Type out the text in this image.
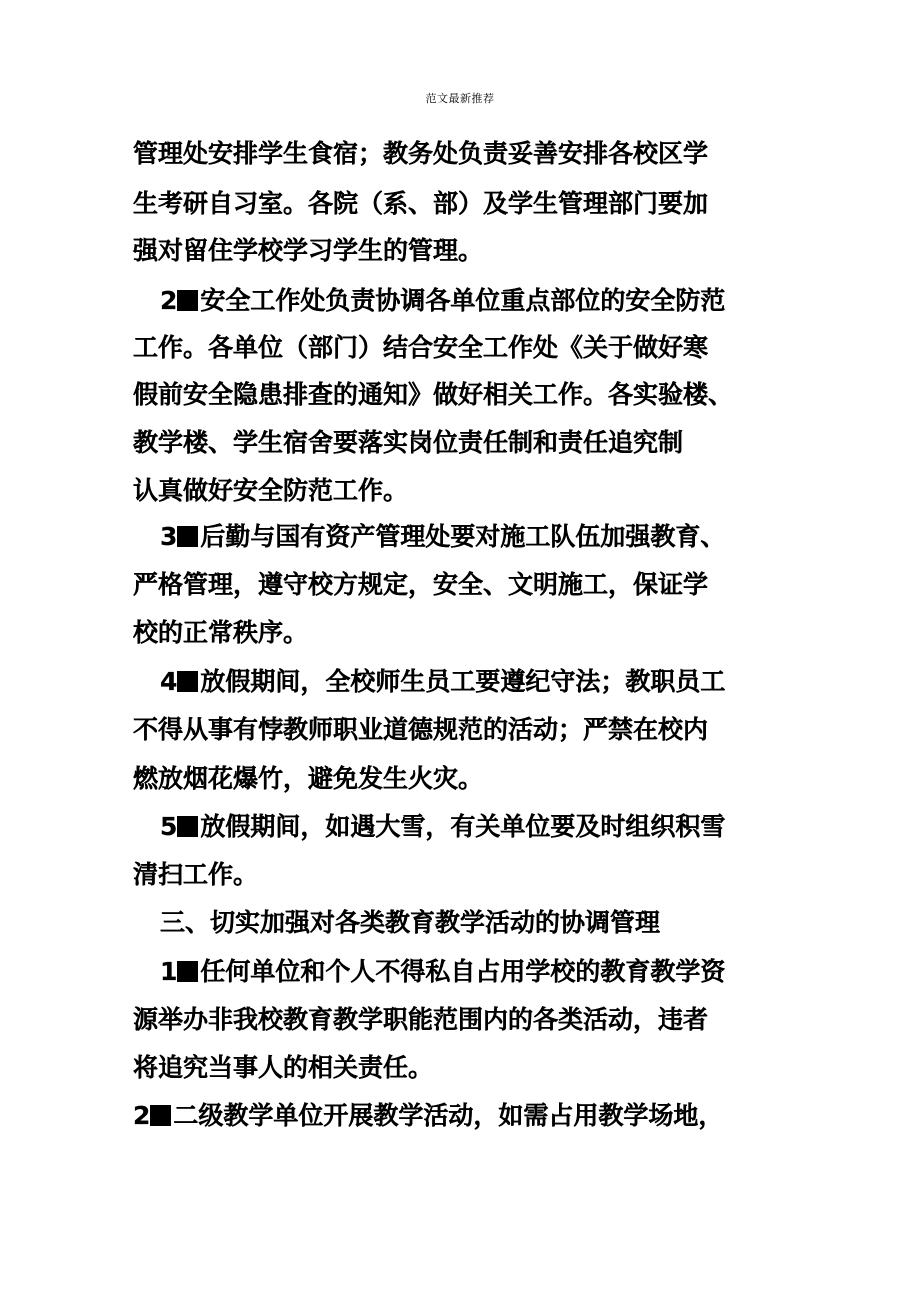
范文最新推荐
管理处安排学生食宿；教务处负责妥善安排各校区学
生考研自习室。各院（系、部）及学生管理部门要加
强对留住学校学习学生的管理。
2 安全工作处负责协调各单位重点部位的安全防范
工作。各单位（部门）结合安全工作处《关于做好寒
假前安全隐患排查的通知》做好相关工作。各实验楼、
教学楼、学生宿舍要落实岗位责任制和责任追究制
认真做好安全防范工作。
3 后勤与国有资产管理处要对施工队伍加强教育、
严格管理，遵守校方规定，安全、文明施工，保证学
校的正常秩序。
4 放假期间，全校师生员工要遵纪守法；教职员工
不得从事有悖教师职业道德规范的活动；严禁在校内
燃放烟花爆竹，避免发生火灾。
5 放假期间，如遇大雪，有关单位要及时组织积雪
清扫工作。
三、切实加强对各类教育教学活动的协调管理
1 任何单位和个人不得私自占用学校的教育教学资
源举办非我校教育教学职能范围内的各类活动，违者
将追究当事人的相关责任。
2 二级教学单位开展教学活动，如需占用教学场地，
